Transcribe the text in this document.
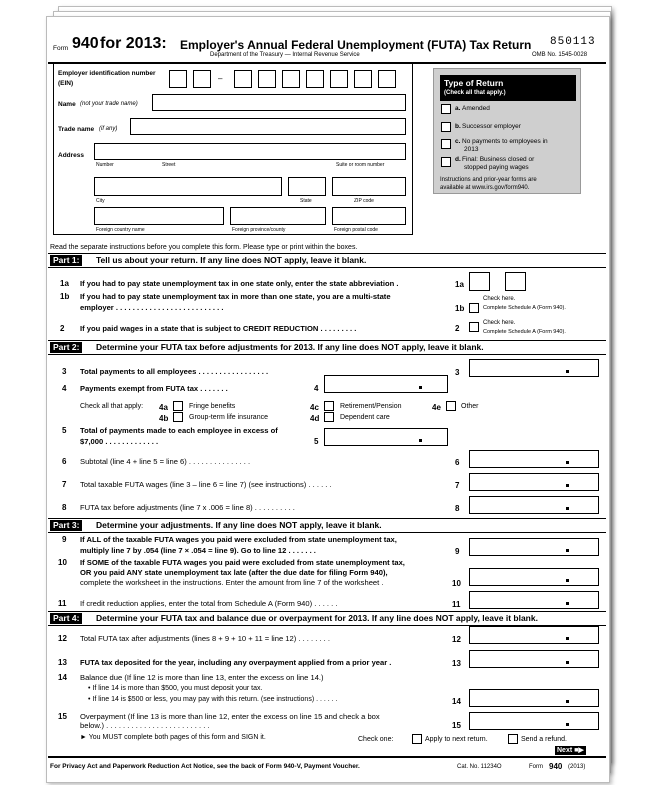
Form 940 for 2013: Employer's Annual Federal Unemployment (FUTA) Tax Return
Department of the Treasury — Internal Revenue Service
850113
OMB No. 1545-0028
Employer identification number
(EIN)
–
Name (not your trade name)
Trade name (if any)
Address
Number	Street	Suite or room number
City	State	ZIP code
Foreign country name	Foreign province/county	Foreign postal code
Type of Return
(Check all that apply.)
a. Amended
b. Successor employer
c. No payments to employees in
2013
d. Final: Business closed or
stopped paying wages
Instructions and prior-year forms are
available at www.irs.gov/form940.
Read the separate instructions before you complete this form. Please type or print within the boxes.
Part 1:	Tell us about your return. If any line does NOT apply, leave it blank.
1a If you had to pay state unemployment tax in one state only, enter the state abbreviation .	1a
1b If you had to pay state unemployment tax in more than one state, you are a multi-state
employer . . . . . . . . . . . . . . . . . . . . . . . . . .	1b
Check here.
Complete Schedule A (Form 940).
2 If you paid wages in a state that is subject to CREDIT REDUCTION . . . . . . . . .	2
Check here.
Complete Schedule A (Form 940).
Part 2:	Determine your FUTA tax before adjustments for 2013. If any line does NOT apply, leave it blank.
3 Total payments to all employees . . . . . . . . . . . . . . . . .	3
4 Payments exempt from FUTA tax . . . . . . .	4
Check all that apply: 4a	Fringe benefits
4b	Group-term life insurance
4c	Retirement/Pension
4d	Dependent care
4e	Other
5 Total of payments made to each employee in excess of
$7,000 . . . . . . . . . . . . .	5
6 Subtotal (line 4 + line 5 = line 6) . . . . . . . . . . . . . . .	6
7 Total taxable FUTA wages (line 3 – line 6 = line 7) (see instructions) . . . . . .	7
8 FUTA tax before adjustments (line 7 x .006 = line 8) . . . . . . . . . .	8
Part 3:	Determine your adjustments. If any line does NOT apply, leave it blank.
9 If ALL of the taxable FUTA wages you paid were excluded from state unemployment tax,
multiply line 7 by .054 (line 7 × .054 = line 9). Go to line 12 . . . . . . .	9
10 If SOME of the taxable FUTA wages you paid were excluded from state unemployment tax,
OR you paid ANY state unemployment tax late (after the due date for filing Form 940),
complete the worksheet in the instructions. Enter the amount from line 7 of the worksheet .	10
11 If credit reduction applies, enter the total from Schedule A (Form 940) . . . . . .	11
Part 4:	Determine your FUTA tax and balance due or overpayment for 2013. If any line does NOT apply, leave it blank.
12 Total FUTA tax after adjustments (lines 8 + 9 + 10 + 11 = line 12) . . . . . . . .	12
13 FUTA tax deposited for the year, including any overpayment applied from a prior year .	13
14 Balance due (If line 12 is more than line 13, enter the excess on line 14.)
• If line 14 is more than $500, you must deposit your tax.
• If line 14 is $500 or less, you may pay with this return. (see instructions) . . . . . .	14
15 Overpayment (If line 13 is more than line 12, enter the excess on line 15 and check a box
below.) . . . . . . . . . . . . . . . . . . . . . . . . .	15
► You MUST complete both pages of this form and SIGN it.	Check one:	Apply to next return.	Send a refund.
Next ■▶
For Privacy Act and Paperwork Reduction Act Notice, see the back of Form 940-V, Payment Voucher.	Cat. No. 11234O	Form 940 (2013)
